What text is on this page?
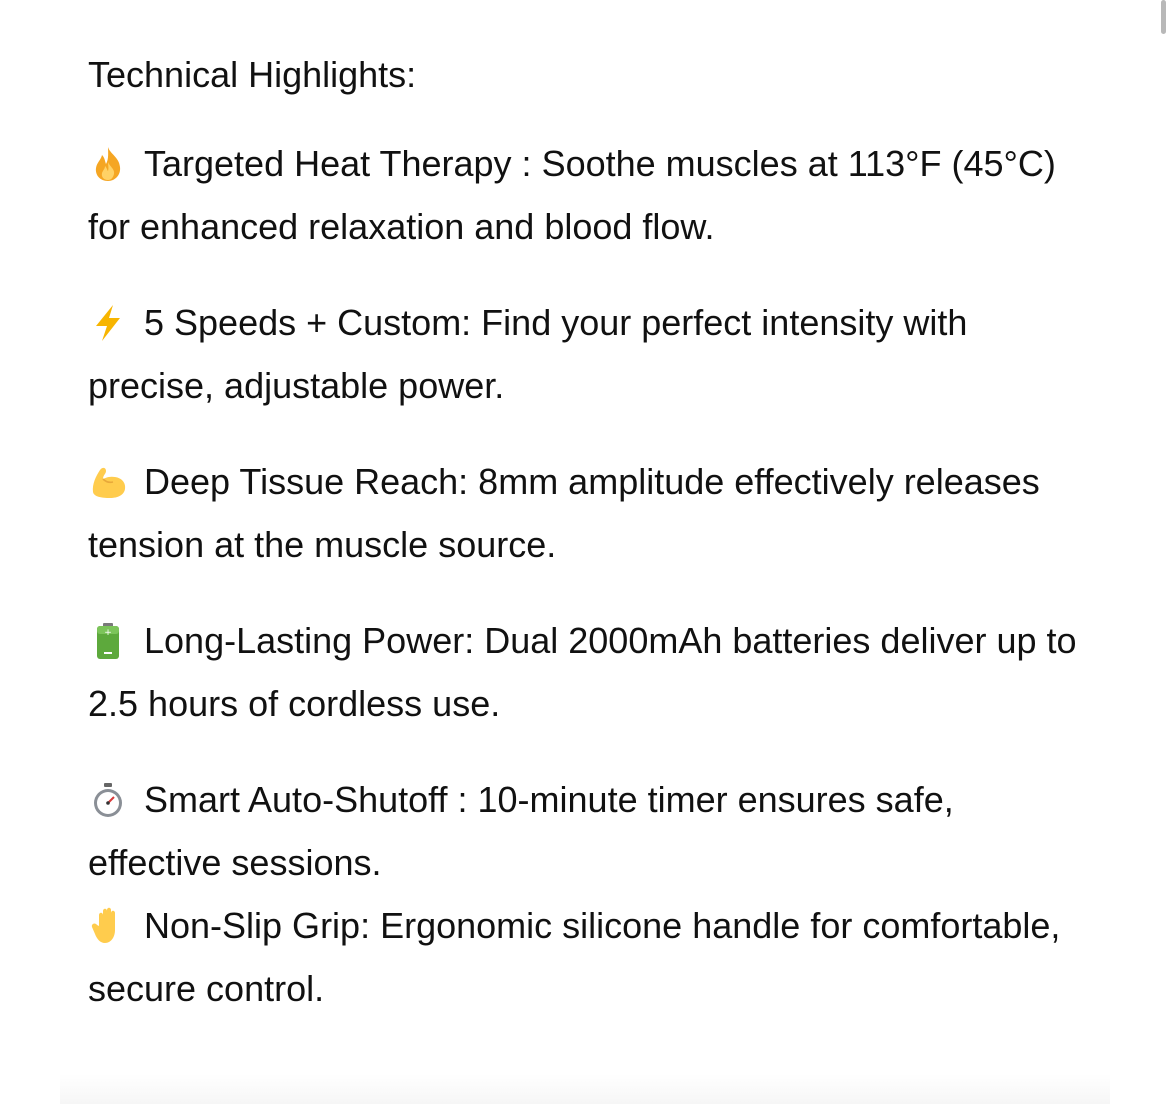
Technical Highlights:
Targeted Heat Therapy : Soothe muscles at 113°F (45°C) for enhanced relaxation and blood flow.
5 Speeds + Custom: Find your perfect intensity with precise, adjustable power.
Deep Tissue Reach: 8mm amplitude effectively releases tension at the muscle source.
+ Long-Lasting Power: Dual 2000mAh batteries deliver up to 2.5 hours of cordless use.
Smart Auto-Shutoff : 10-minute timer ensures safe, effective sessions.
Non-Slip Grip: Ergonomic silicone handle for comfortable, secure control.
